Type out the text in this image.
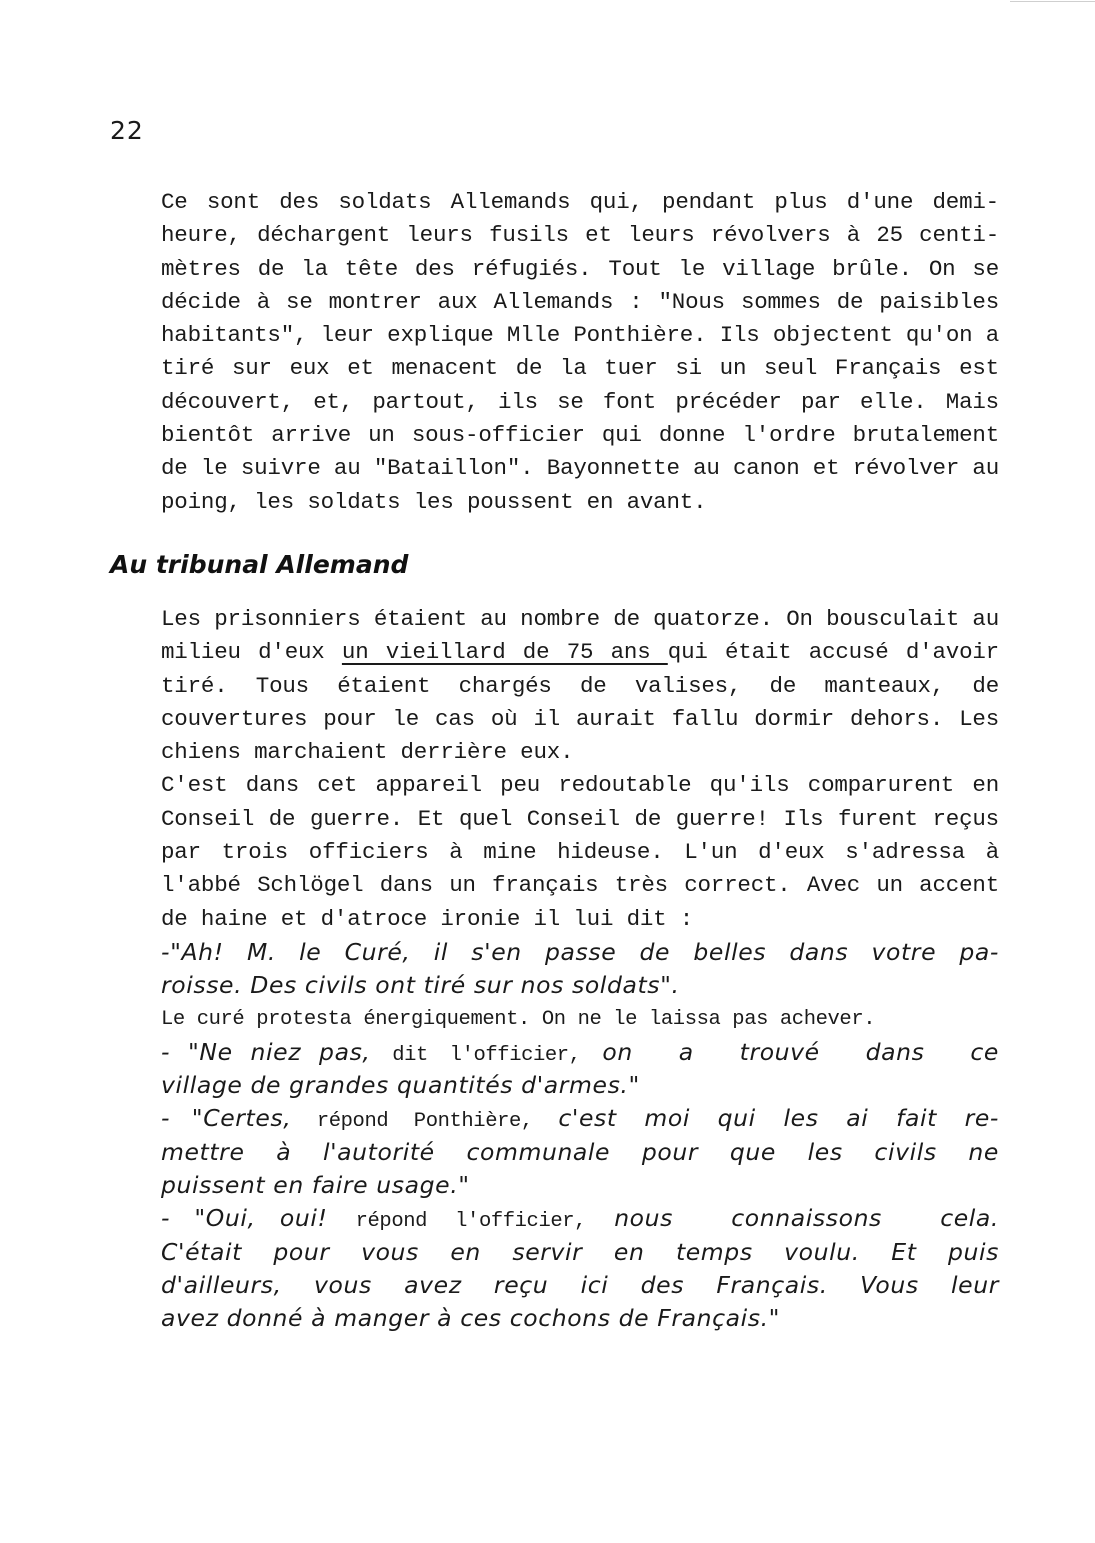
22
Ce sont des soldats Allemands qui, pendant plus d'une demi-
heure, déchargent leurs fusils et leurs révolvers à 25 centi-
mètres de la tête des réfugiés. Tout le village brûle. On se
décide à se montrer aux Allemands : "Nous sommes de paisibles
habitants", leur explique Mlle Ponthière. Ils objectent qu'on a
tiré sur eux et menacent de la tuer si un seul Français est
découvert, et, partout, ils se font précéder par elle. Mais
bientôt arrive un sous-officier qui donne l'ordre brutalement
de le suivre au "Bataillon". Bayonnette au canon et révolver au
poing, les soldats les poussent en avant.
Au tribunal Allemand
Les prisonniers étaient au nombre de quatorze. On bousculait au
milieu d'eux un vieillard de 75 ans qui était accusé d'avoir
tiré. Tous étaient chargés de valises, de manteaux, de
couvertures pour le cas où il aurait fallu dormir dehors. Les
chiens marchaient derrière eux.
C'est dans cet appareil peu redoutable qu'ils comparurent en
Conseil de guerre. Et quel Conseil de guerre! Ils furent reçus
par trois officiers à mine hideuse. L'un d'eux s'adressa à
l'abbé Schlögel dans un français très correct. Avec un accent
de haine et d'atroce ironie il lui dit :
-"Ah! M. le Curé, il s'en passe de belles dans votre pa-
roisse. Des civils ont tiré sur nos soldats".
Le curé protesta énergiquement. On ne le laissa pas achever.
- "Ne niez pas, dit l'officier, on a trouvé dans ce
village de grandes quantités d'armes."
- "Certes, répond Ponthière, c'est moi qui les ai fait re-
mettre à l'autorité communale pour que les civils ne
puissent en faire usage."
- "Oui, oui! répond l'officier, nous connaissons cela.
C'était pour vous en servir en temps voulu. Et puis
d'ailleurs, vous avez reçu ici des Français. Vous leur
avez donné à manger à ces cochons de Français."
